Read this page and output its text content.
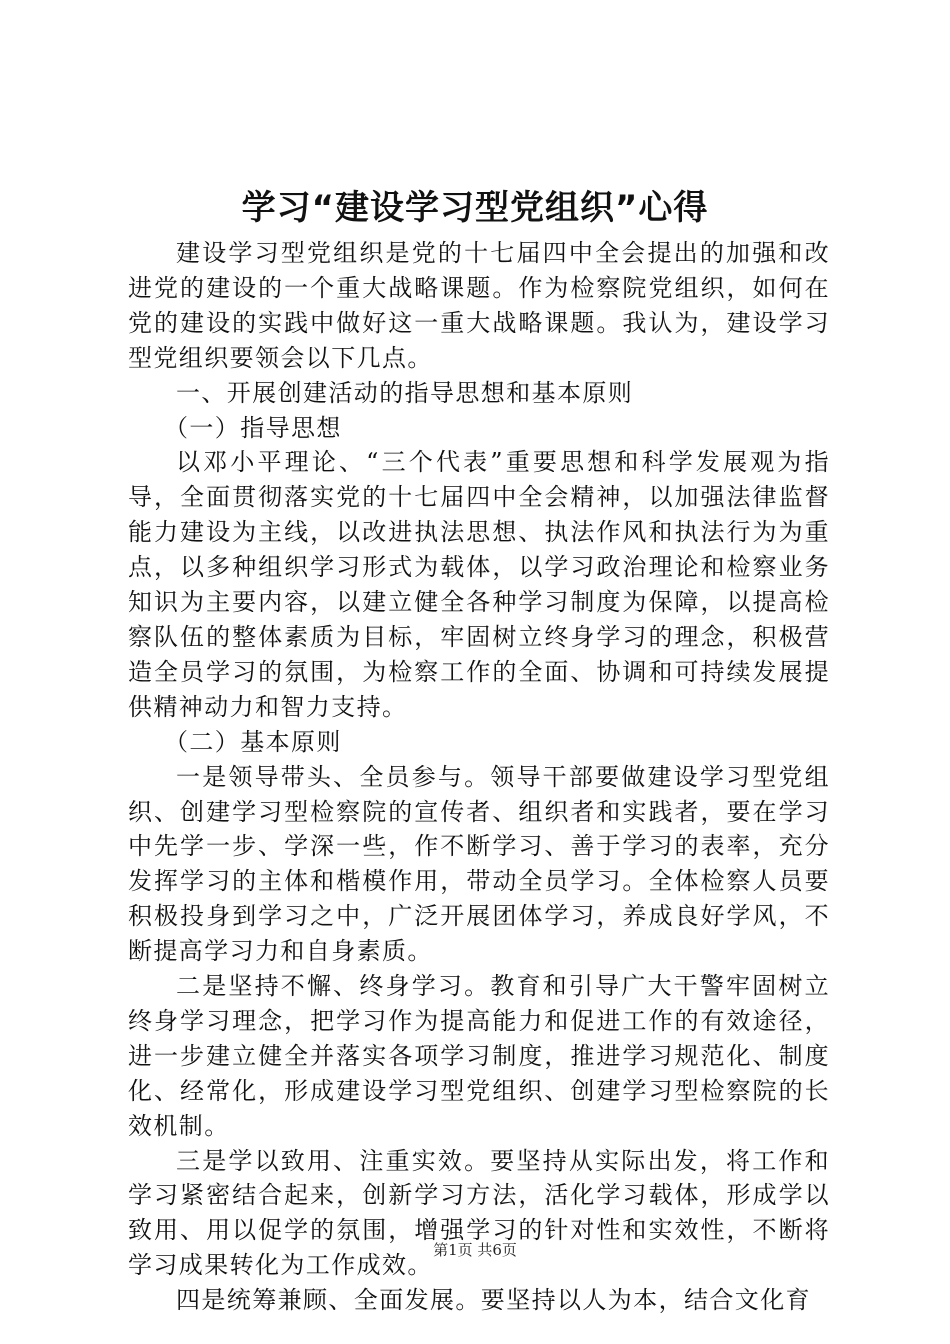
学习“建设学习型党组织”心得

建设学习型党组织是党的十七届四中全会提出的加强和改进党的建设的一个重大战略课题。作为检察院党组织，如何在党的建设的实践中做好这一重大战略课题。我认为，建设学习型党组织要领会以下几点。

一、开展创建活动的指导思想和基本原则

（一）指导思想

以邓小平理论、“三个代表”重要思想和科学发展观为指导，全面贯彻落实党的十七届四中全会精神，以加强法律监督能力建设为主线，以改进执法思想、执法作风和执法行为为重点，以多种组织学习形式为载体，以学习政治理论和检察业务知识为主要内容，以建立健全各种学习制度为保障，以提高检察队伍的整体素质为目标，牢固树立终身学习的理念，积极营造全员学习的氛围，为检察工作的全面、协调和可持续发展提供精神动力和智力支持。

（二）基本原则

一是领导带头、全员参与。领导干部要做建设学习型党组织、创建学习型检察院的宣传者、组织者和实践者，要在学习中先学一步、学深一些，作不断学习、善于学习的表率，充分发挥学习的主体和楷模作用，带动全员学习。全体检察人员要积极投身到学习之中，广泛开展团体学习，养成良好学风，不断提高学习力和自身素质。

二是坚持不懈、终身学习。教育和引导广大干警牢固树立终身学习理念，把学习作为提高能力和促进工作的有效途径，进一步建立健全并落实各项学习制度，推进学习规范化、制度化、经常化，形成建设学习型党组织、创建学习型检察院的长效机制。

三是学以致用、注重实效。要坚持从实际出发，将工作和学习紧密结合起来，创新学习方法，活化学习载体，形成学以致用、用以促学的氛围，增强学习的针对性和实效性，不断将学习成果转化为工作成效。

四是统筹兼顾、全面发展。要坚持以人为本，结合文化育

第1页 共6页
